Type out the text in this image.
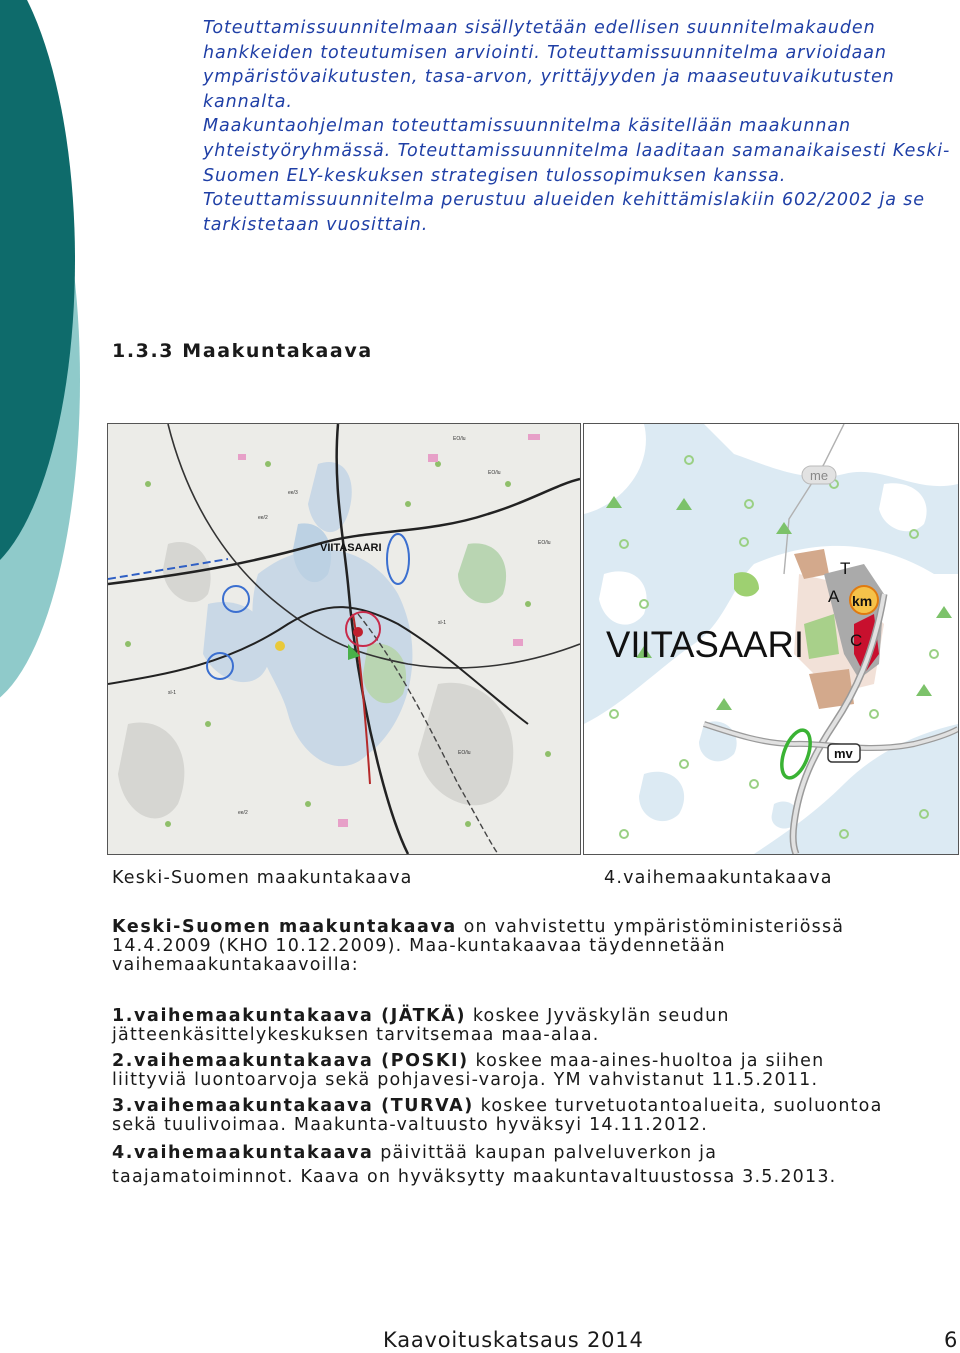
Toteuttamissuunnitelmaan sisällytetään edellisen suunnitelmakauden hankkeiden toteutumisen arviointi. Toteuttamissuunnitelma arvioidaan ympäristövaikutusten, tasa-arvon, yrittäjyyden ja maaseutuvaikutusten kannalta.

Maakuntaohjelman toteuttamissuunnitelma käsitellään maakunnan yhteistyöryhmässä. Toteuttamissuunnitelma laaditaan samanaikaisesti Keski-Suomen ELY-keskuksen strategisen tulossopimuksen kanssa. Toteuttamissuunnitelma perustuu alueiden kehittämislakiin 602/2002 ja se tarkistetaan vuosittain.

1.3.3 Maakuntakaava
VIITASAARI
EO/lu
EO/lu
EO/lu
EO/lu
ee/2
ee/2
ee/3
sl-1
sl-1
me
T
A km
C
mv
VIITASAARI
Keski-Suomen maakuntakaava	4.vaihemaakuntakaava

Keski-Suomen maakuntakaava on vahvistettu ympäristöministeriössä 14.4.2009 (KHO 10.12.2009). Maa-kuntakaavaa täydennetään vaihemaakuntakaavoilla:

1.vaihemaakuntakaava (JÄTKÄ) koskee Jyväskylän seudun jätteenkäsittelykeskuksen tarvitsemaa maa-alaa.

2.vaihemaakuntakaava (POSKI) koskee maa-aines-huoltoa ja siihen liittyviä luontoarvoja sekä pohjavesi-varoja. YM vahvistanut 11.5.2011.

3.vaihemaakuntakaava (TURVA) koskee turvetuotantoalueita, suoluontoa sekä tuulivoimaa. Maakunta-valtuusto hyväksyi 14.11.2012.

4.vaihemaakuntakaava päivittää kaupan palveluverkon ja taajamatoiminnot. Kaava on hyväksytty maakuntavaltuustossa 3.5.2013.

Kaavoituskatsaus 2014	6
